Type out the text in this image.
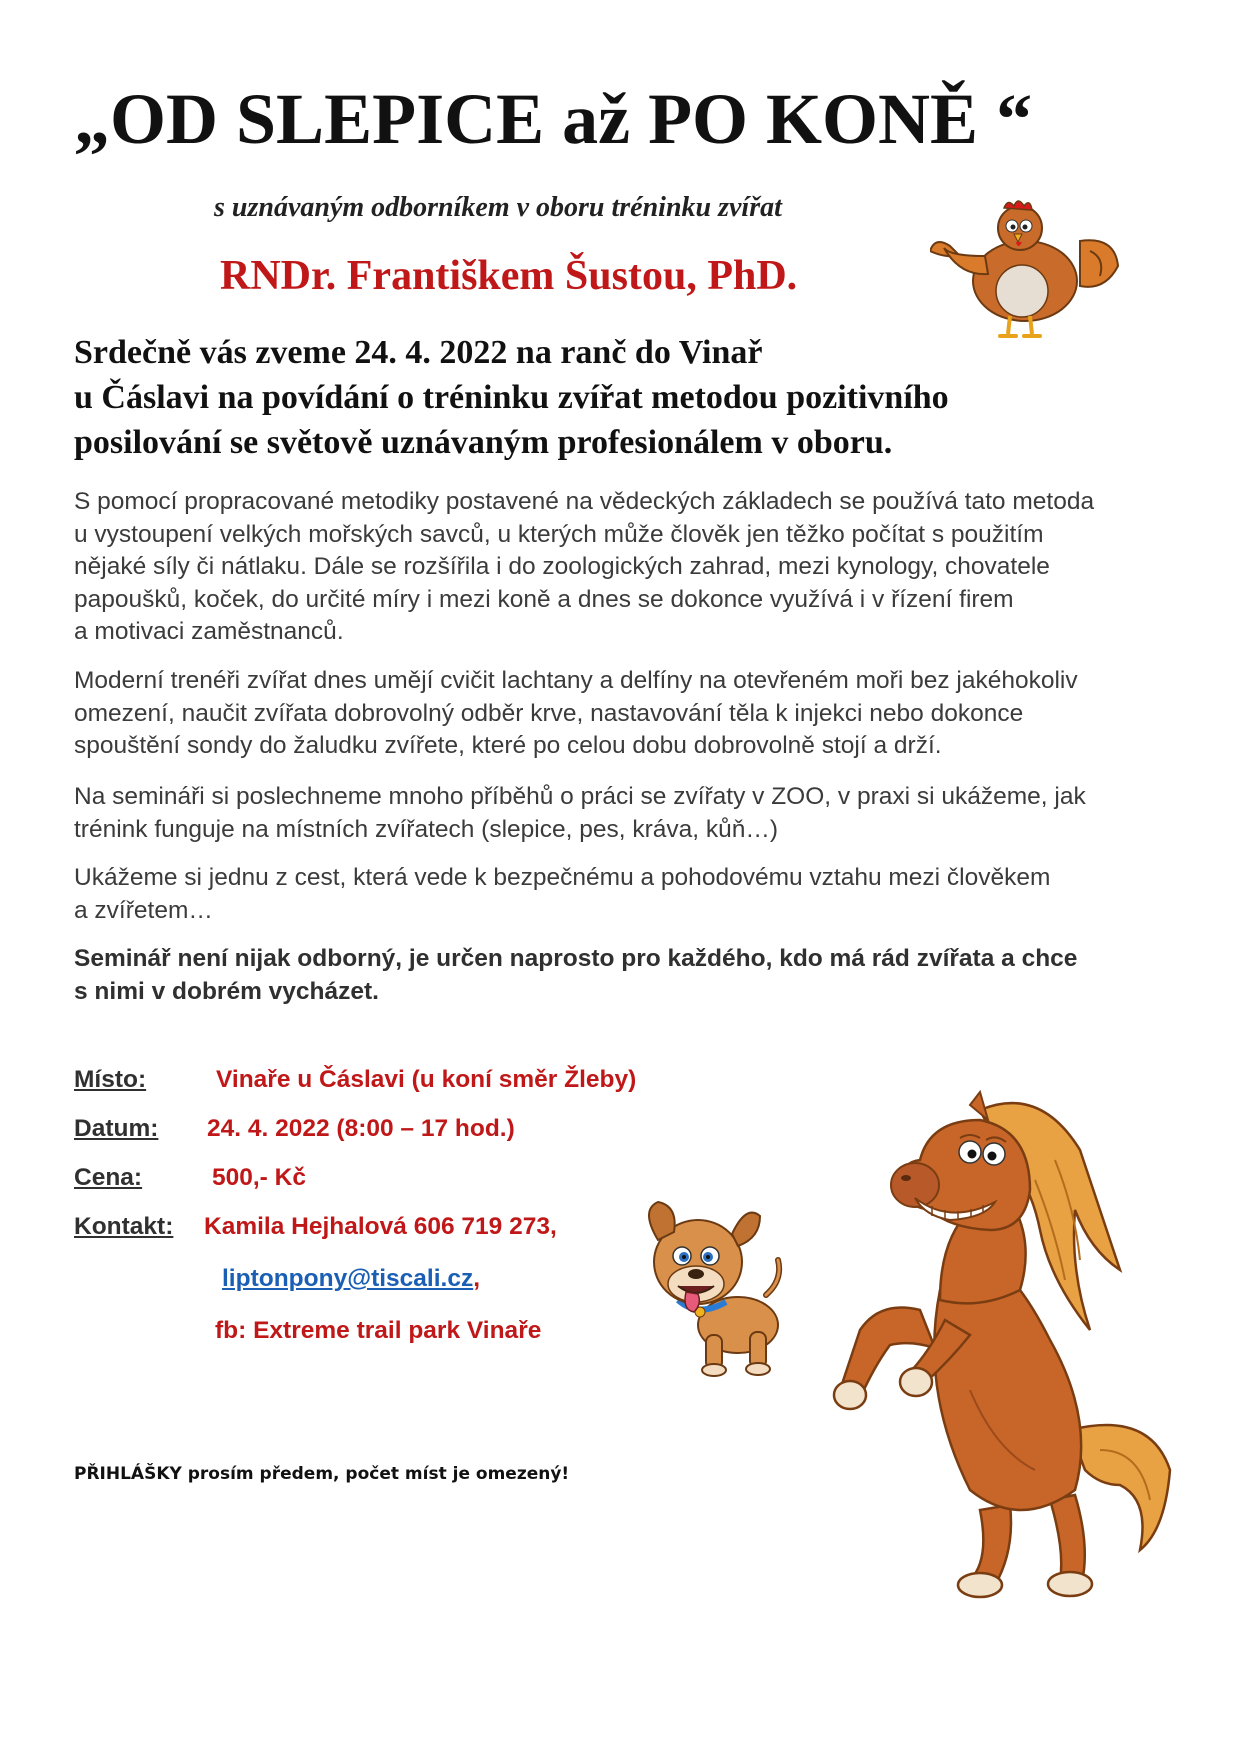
„OD SLEPICE až PO KONĚ “
s uznávaným odborníkem v oboru tréninku zvířat
RNDr. Františkem Šustou, PhD.
Srdečně vás zveme 24. 4. 2022 na ranč do Vinař
u Čáslavi na povídání o tréninku zvířat metodou pozitivního
posilování se světově uznávaným profesionálem v oboru.
S pomocí propracované metodiky postavené na vědeckých základech se používá tato metoda
u vystoupení velkých mořských savců, u kterých může člověk jen těžko počítat s použitím
nějaké síly či nátlaku. Dále se rozšířila i do zoologických zahrad, mezi kynology, chovatele
papoušků, koček, do určité míry i mezi koně a dnes se dokonce využívá i v řízení firem
a motivaci zaměstnanců.
Moderní trenéři zvířat dnes umějí cvičit lachtany a delfíny na otevřeném moři bez jakéhokoliv
omezení, naučit zvířata dobrovolný odběr krve, nastavování těla k injekci nebo dokonce
spouštění sondy do žaludku zvířete, které po celou dobu dobrovolně stojí a drží.
Na semináři si poslechneme mnoho příběhů o práci se zvířaty v ZOO, v praxi si ukážeme, jak
trénink funguje na místních zvířatech (slepice, pes, kráva, kůň…)
Ukážeme si jednu z cest, která vede k bezpečnému a pohodovému vztahu mezi člověkem
a zvířetem…
Seminář není nijak odborný, je určen naprosto pro každého, kdo má rád zvířata a chce
s nimi v dobrém vycházet.
Místo:	Vinaře u Čáslavi (u koní směr Žleby)
Datum: 24. 4. 2022 (8:00 – 17 hod.)
Cena:	500,- Kč
Kontakt: Kamila Hejhalová 606 719 273,
liptonpony@tiscali.cz,
fb: Extreme trail park Vinaře
PŘIHLÁŠKY prosím předem, počet míst je omezený!
